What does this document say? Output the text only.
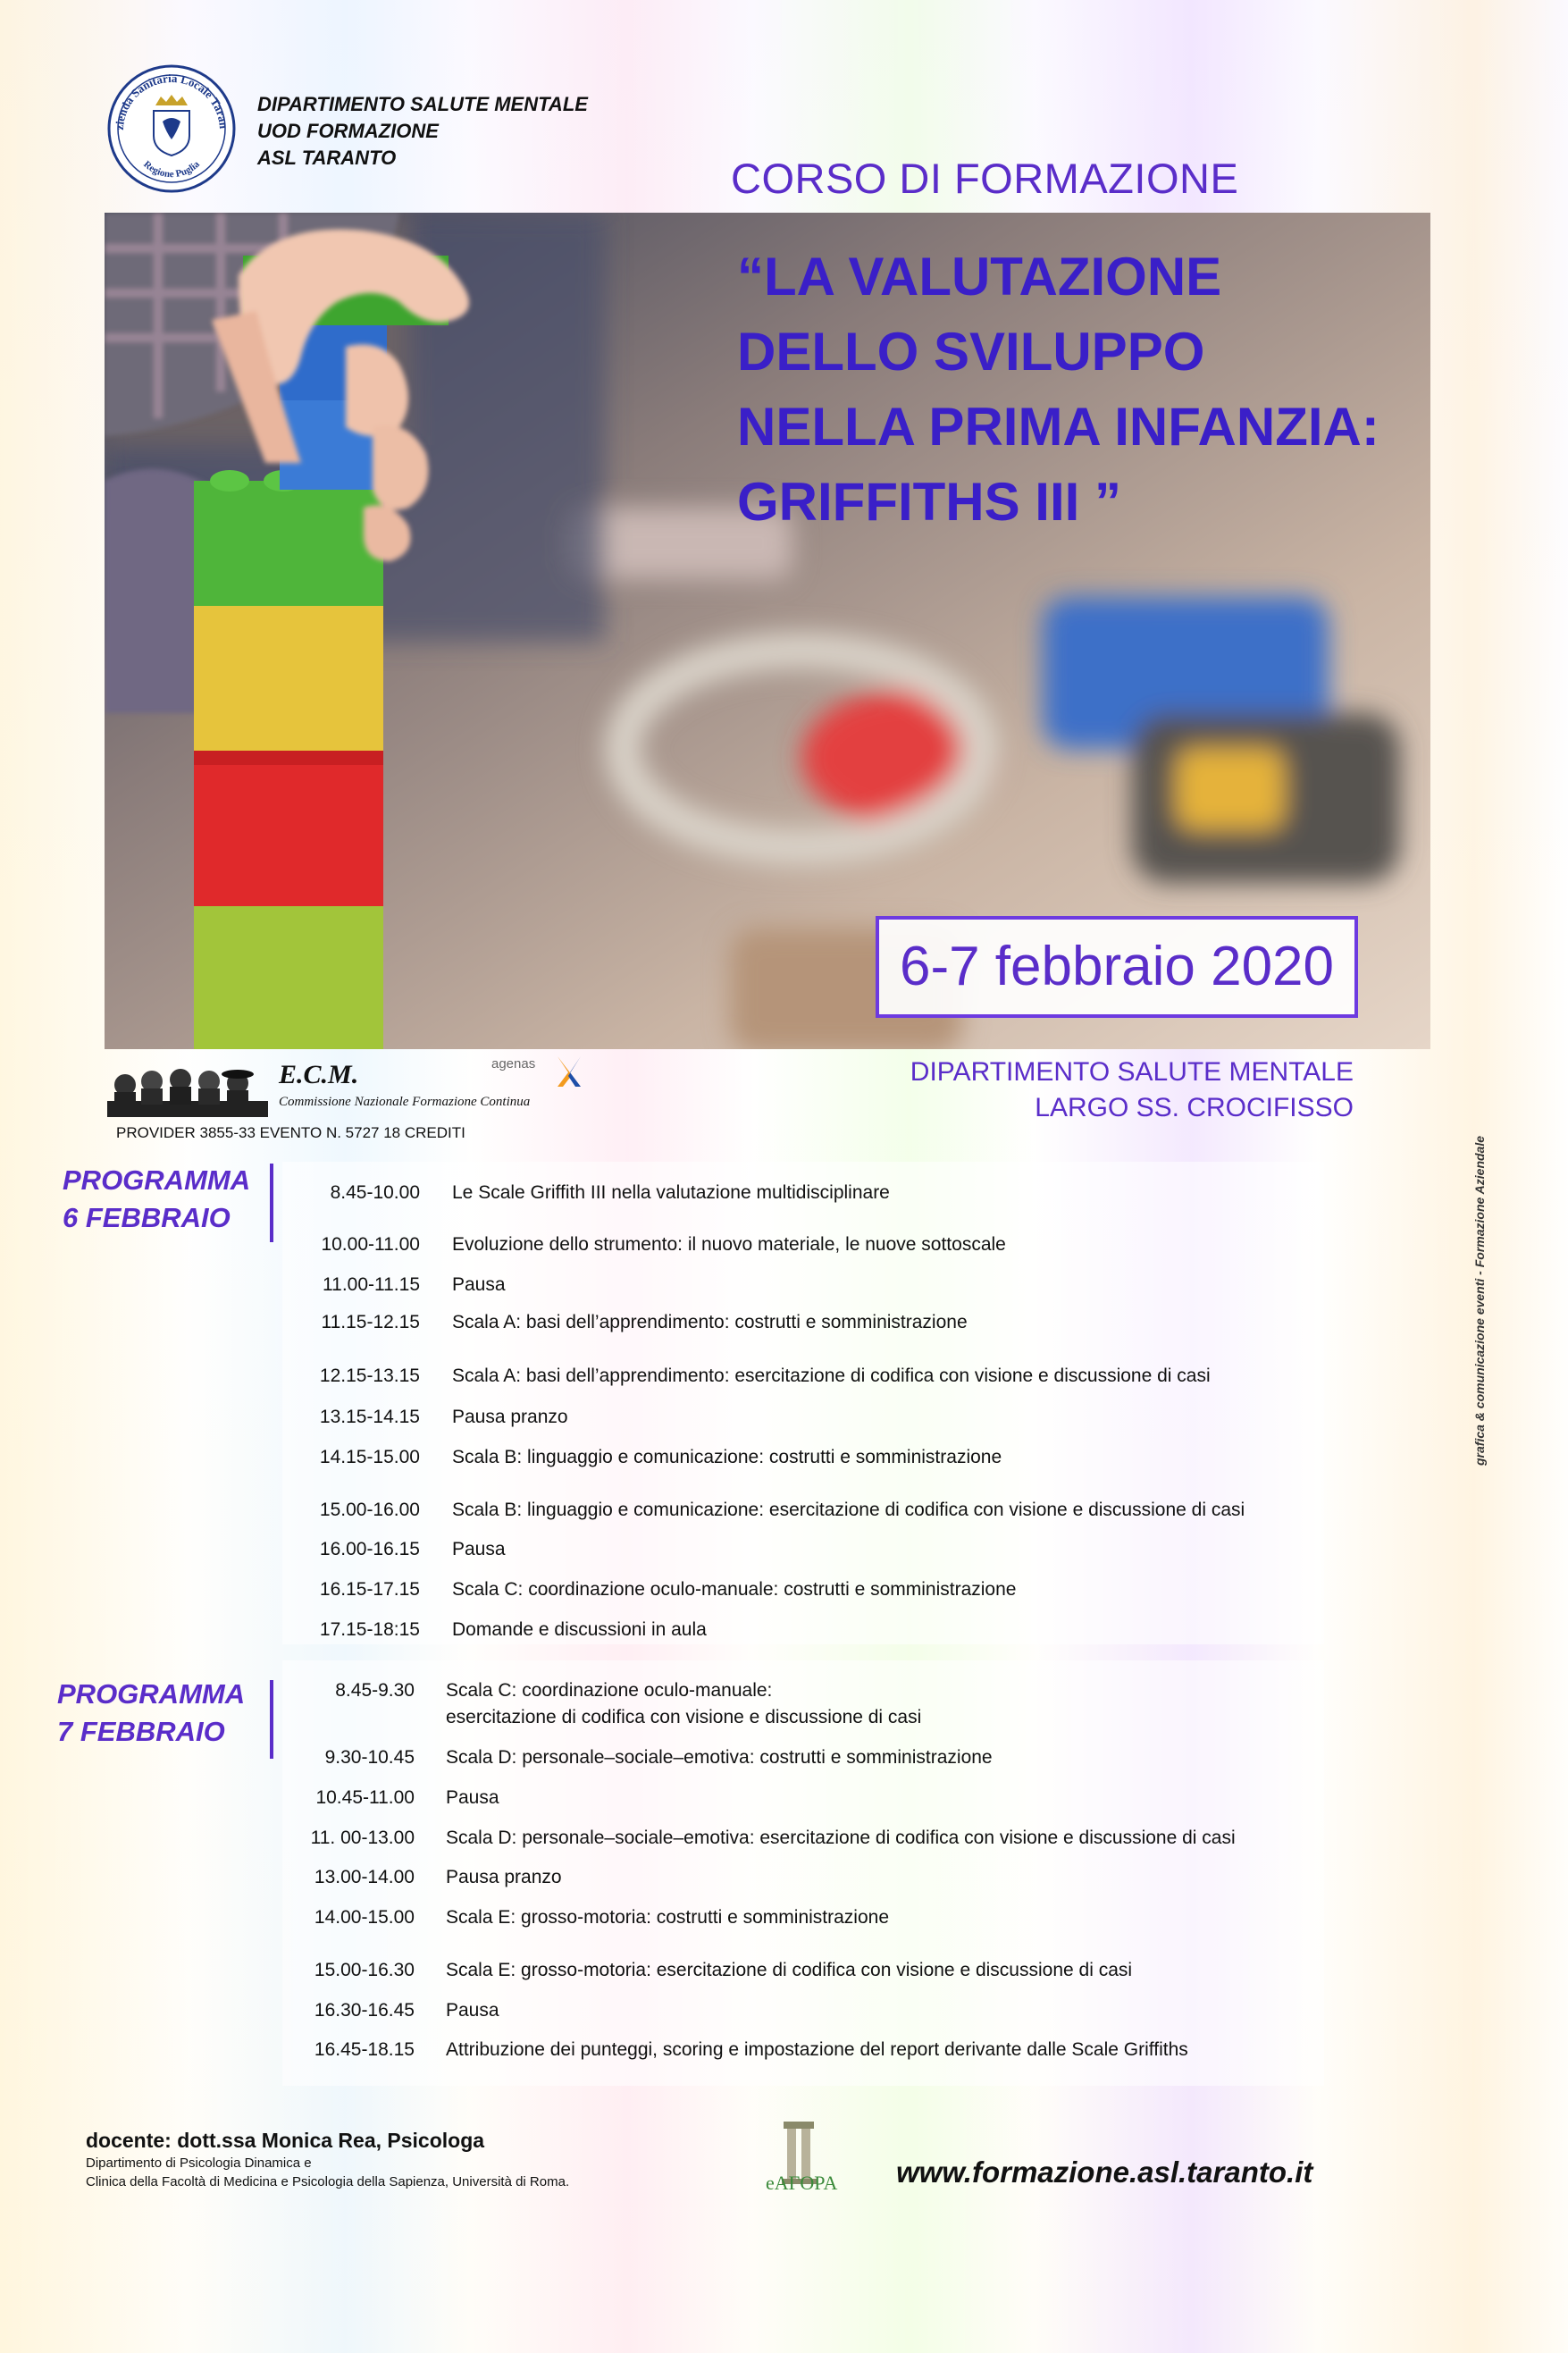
zienda Sanitaria Locale Taran
Regione Puglia
DIPARTIMENTO SALUTE MENTALE
UOD FORMAZIONE
ASL TARANTO	CORSO DI FORMAZIONE
“LA VALUTAZIONE
DELLO SVILUPPO
NELLA PRIMA INFANZIA:
GRIFFITHS III ”
6-7 febbraio 2020
E.C.M.
Commissione Nazionale Formazione Continua
agenas
PROVIDER 3855-33 EVENTO N. 5727 18 CREDITI
DIPARTIMENTO SALUTE MENTALE
LARGO SS. CROCIFISSO
grafica & comunicazione eventi - Formazione Aziendale
PROGRAMMA
6 FEBBRAIO
8.45-10.00 Le Scale Griffith III nella valutazione multidisciplinare
10.00-11.00 Evoluzione dello strumento: il nuovo materiale, le nuove sottoscale
11.00-11.15 Pausa
11.15-12.15 Scala A: basi dell’apprendimento: costrutti e somministrazione
12.15-13.15 Scala A: basi dell’apprendimento: esercitazione di codifica con visione e discussione di casi
13.15-14.15 Pausa pranzo
14.15-15.00 Scala B: linguaggio e comunicazione: costrutti e somministrazione
15.00-16.00 Scala B: linguaggio e comunicazione: esercitazione di codifica con visione e discussione di casi
16.00-16.15 Pausa
16.15-17.15 Scala C: coordinazione oculo-manuale: costrutti e somministrazione
17.15-18:15 Domande e discussioni in aula
PROGRAMMA
7 FEBBRAIO
8.45-9.30 Scala C: coordinazione oculo-manuale:
esercitazione di codifica con visione e discussione di casi
9.30-10.45 Scala D: personale–sociale–emotiva: costrutti e somministrazione
10.45-11.00 Pausa
11. 00-13.00 Scala D: personale–sociale–emotiva: esercitazione di codifica con visione e discussione di casi
13.00-14.00 Pausa pranzo
14.00-15.00 Scala E: grosso-motoria: costrutti e somministrazione
15.00-16.30 Scala E: grosso-motoria: esercitazione di codifica con visione e discussione di casi
16.30-16.45 Pausa
16.45-18.15 Attribuzione dei punteggi, scoring e impostazione del report derivante dalle Scale Griffiths
docente: dott.ssa Monica Rea, Psicologa
Dipartimento di Psicologia Dinamica e
Clinica della Facoltà di Medicina e Psicologia della Sapienza, Università di Roma.	eΑΓΟΡΑ www.formazione.asl.taranto.it
